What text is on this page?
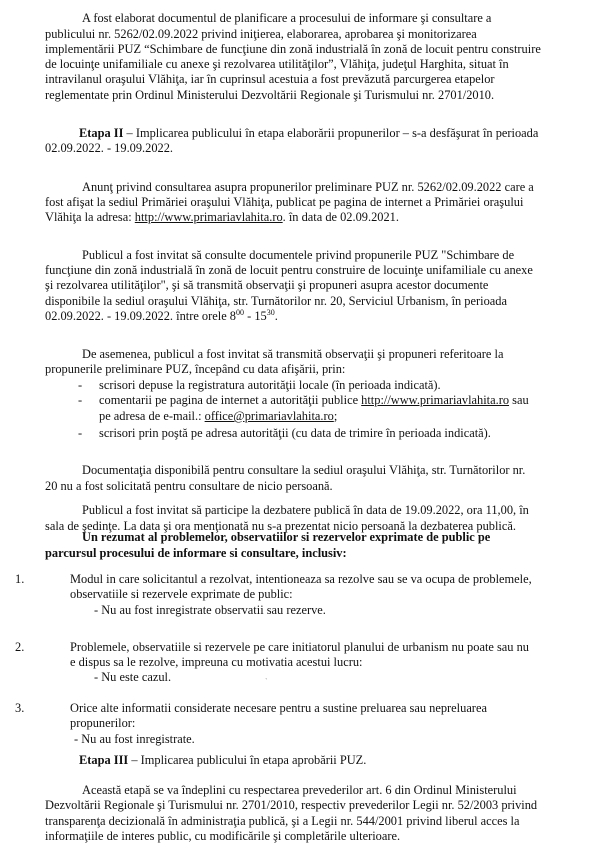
A fost elaborat documentul de planificare a procesului de informare şi consultare a

publicului nr. 5262/02.09.2022 privind iniţierea, elaborarea, aprobarea şi monitorizarea

implementării PUZ “Schimbare de funcţiune din zonă industrială în zonă de locuit pentru construire

de locuinţe unifamiliale cu anexe şi rezolvarea utilităţilor”, Vlăhiţa, judeţul Harghita, situat în

intravilanul oraşului Vlăhiţa, iar în cuprinsul acestuia a fost prevăzută parcurgerea etapelor

reglementate prin Ordinul Ministerului Dezvoltării Regionale şi Turismului nr. 2701/2010.

Etapa II – Implicarea publicului în etapa elaborării propunerilor – s-a desfăşurat în perioada

02.09.2022. - 19.09.2022.

Anunţ privind consultarea asupra propunerilor preliminare PUZ nr. 5262/02.09.2022 care a

fost afişat la sediul Primăriei oraşului Vlăhiţa, publicat pe pagina de internet a Primăriei oraşului

Vlăhiţa la adresa: http://www.primariavlahita.ro. în data de 02.09.2021.

Publicul a fost invitat să consulte documentele privind propunerile PUZ "Schimbare de

funcţiune din zonă industrială în zonă de locuit pentru construire de locuinţe unifamiliale cu anexe

şi rezolvarea utilităţilor", şi să transmită observaţii şi propuneri asupra acestor documente

disponibile la sediul oraşului Vlăhiţa, str. Turnătorilor nr. 20, Serviciul Urbanism, în perioada

02.09.2022. - 19.09.2022. între orele $8^{00} - 15^{30}$.

De asemenea, publicul a fost invitat să transmită observaţii şi propuneri referitoare la

propunerile preliminare PUZ, începând cu data afişării, prin:

- scrisori depuse la registratura autorităţii locale (în perioada indicată).

- comentarii pe pagina de internet a autorităţii publice http://www.primariavlahita.ro sau

pe adresa de e-mail.: office@primariavlahita.ro;

- scrisori prin poştă pe adresa autorităţii (cu data de trimire în perioada indicată).

Documentaţia disponibilă pentru consultare la sediul oraşului Vlăhiţa, str. Turnătorilor nr.

20 nu a fost solicitată pentru consultare de nicio persoană.

Publicul a fost invitat să participe la dezbatere publică în data de 19.09.2022, ora 11,00, în

sala de şedinţe. La data şi ora menţionată nu s-a prezentat nicio persoană la dezbaterea publică.

Un rezumat al problemelor, observatiilor si rezervelor exprimate de public pe

parcursul procesului de informare si consultare, inclusiv:

1.	Modul in care solicitantul a rezolvat, intentioneaza sa rezolve sau se va ocupa de problemele,

observatiile si rezervele exprimate de public:

- Nu au fost inregistrate observatii sau rezerve.

2.	Problemele, observatiile si rezervele pe care initiatorul planului de urbanism nu poate sau nu

e dispus sa le rezolve, impreuna cu motivatia acestui lucru:

- Nu este cazul.	`

3.	Orice alte informatii considerate necesare pentru a sustine preluarea sau nepreluarea

propunerilor:

- Nu au fost inregistrate.

Etapa III – Implicarea publicului în etapa aprobării PUZ.

Această etapă se va îndeplini cu respectarea prevederilor art. 6 din Ordinul Ministerului

Dezvoltării Regionale şi Turismului nr. 2701/2010, respectiv prevederilor Legii nr. 52/2003 privind

transparenţa decizională în administraţia publică, şi a Legii nr. 544/2001 privind liberul acces la

informaţiile de interes public, cu modificările şi completările ulterioare.
